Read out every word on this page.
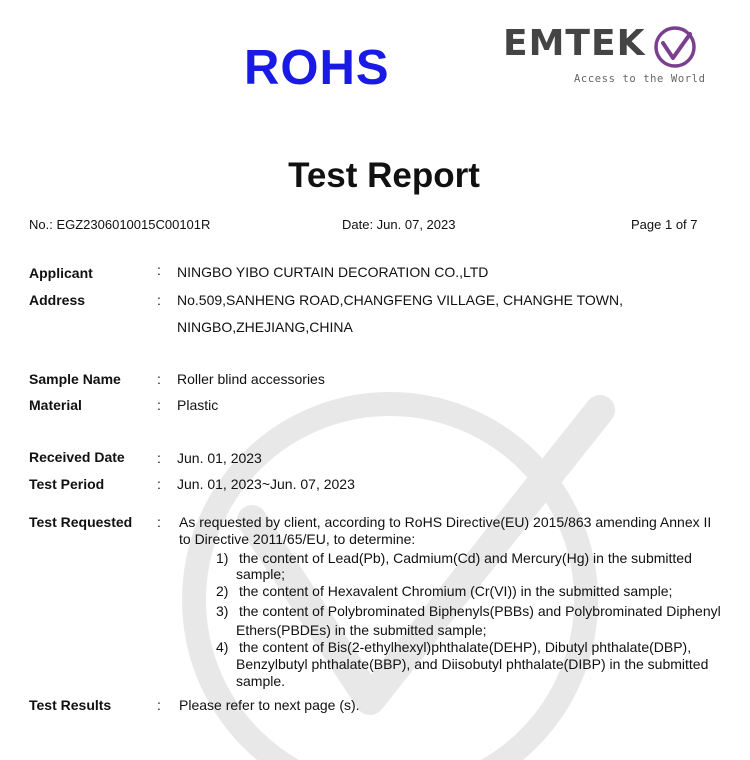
ROHS	EMTEK
Access to the World
Test Report
No.: EGZ2306010015C00101R	Date: Jun. 07, 2023	Page 1 of 7
Applicant	: NINGBO YIBO CURTAIN DECORATION CO.,LTD
Address	: No.509,SANHENG ROAD,CHANGFENG VILLAGE, CHANGHE TOWN,
NINGBO,ZHEJIANG,CHINA
Sample Name	: Roller blind accessories
Material	: Plastic
Received Date : Jun. 01, 2023
Test Period	: Jun. 01, 2023~Jun. 07, 2023
Test Requested : As requested by client, according to RoHS Directive(EU) 2015/863 amending Annex II
to Directive 2011/65/EU, to determine:
1) the content of Lead(Pb), Cadmium(Cd) and Mercury(Hg) in the submitted
sample;
2) the content of Hexavalent Chromium (Cr(VI)) in the submitted sample;
3) the content of Polybrominated Biphenyls(PBBs) and Polybrominated Diphenyl
Ethers(PBDEs) in the submitted sample;
4) the content of Bis(2-ethylhexyl)phthalate(DEHP), Dibutyl phthalate(DBP),
Benzylbutyl phthalate(BBP), and Diisobutyl phthalate(DIBP) in the submitted
sample.
Test Results	: Please refer to next page (s).
